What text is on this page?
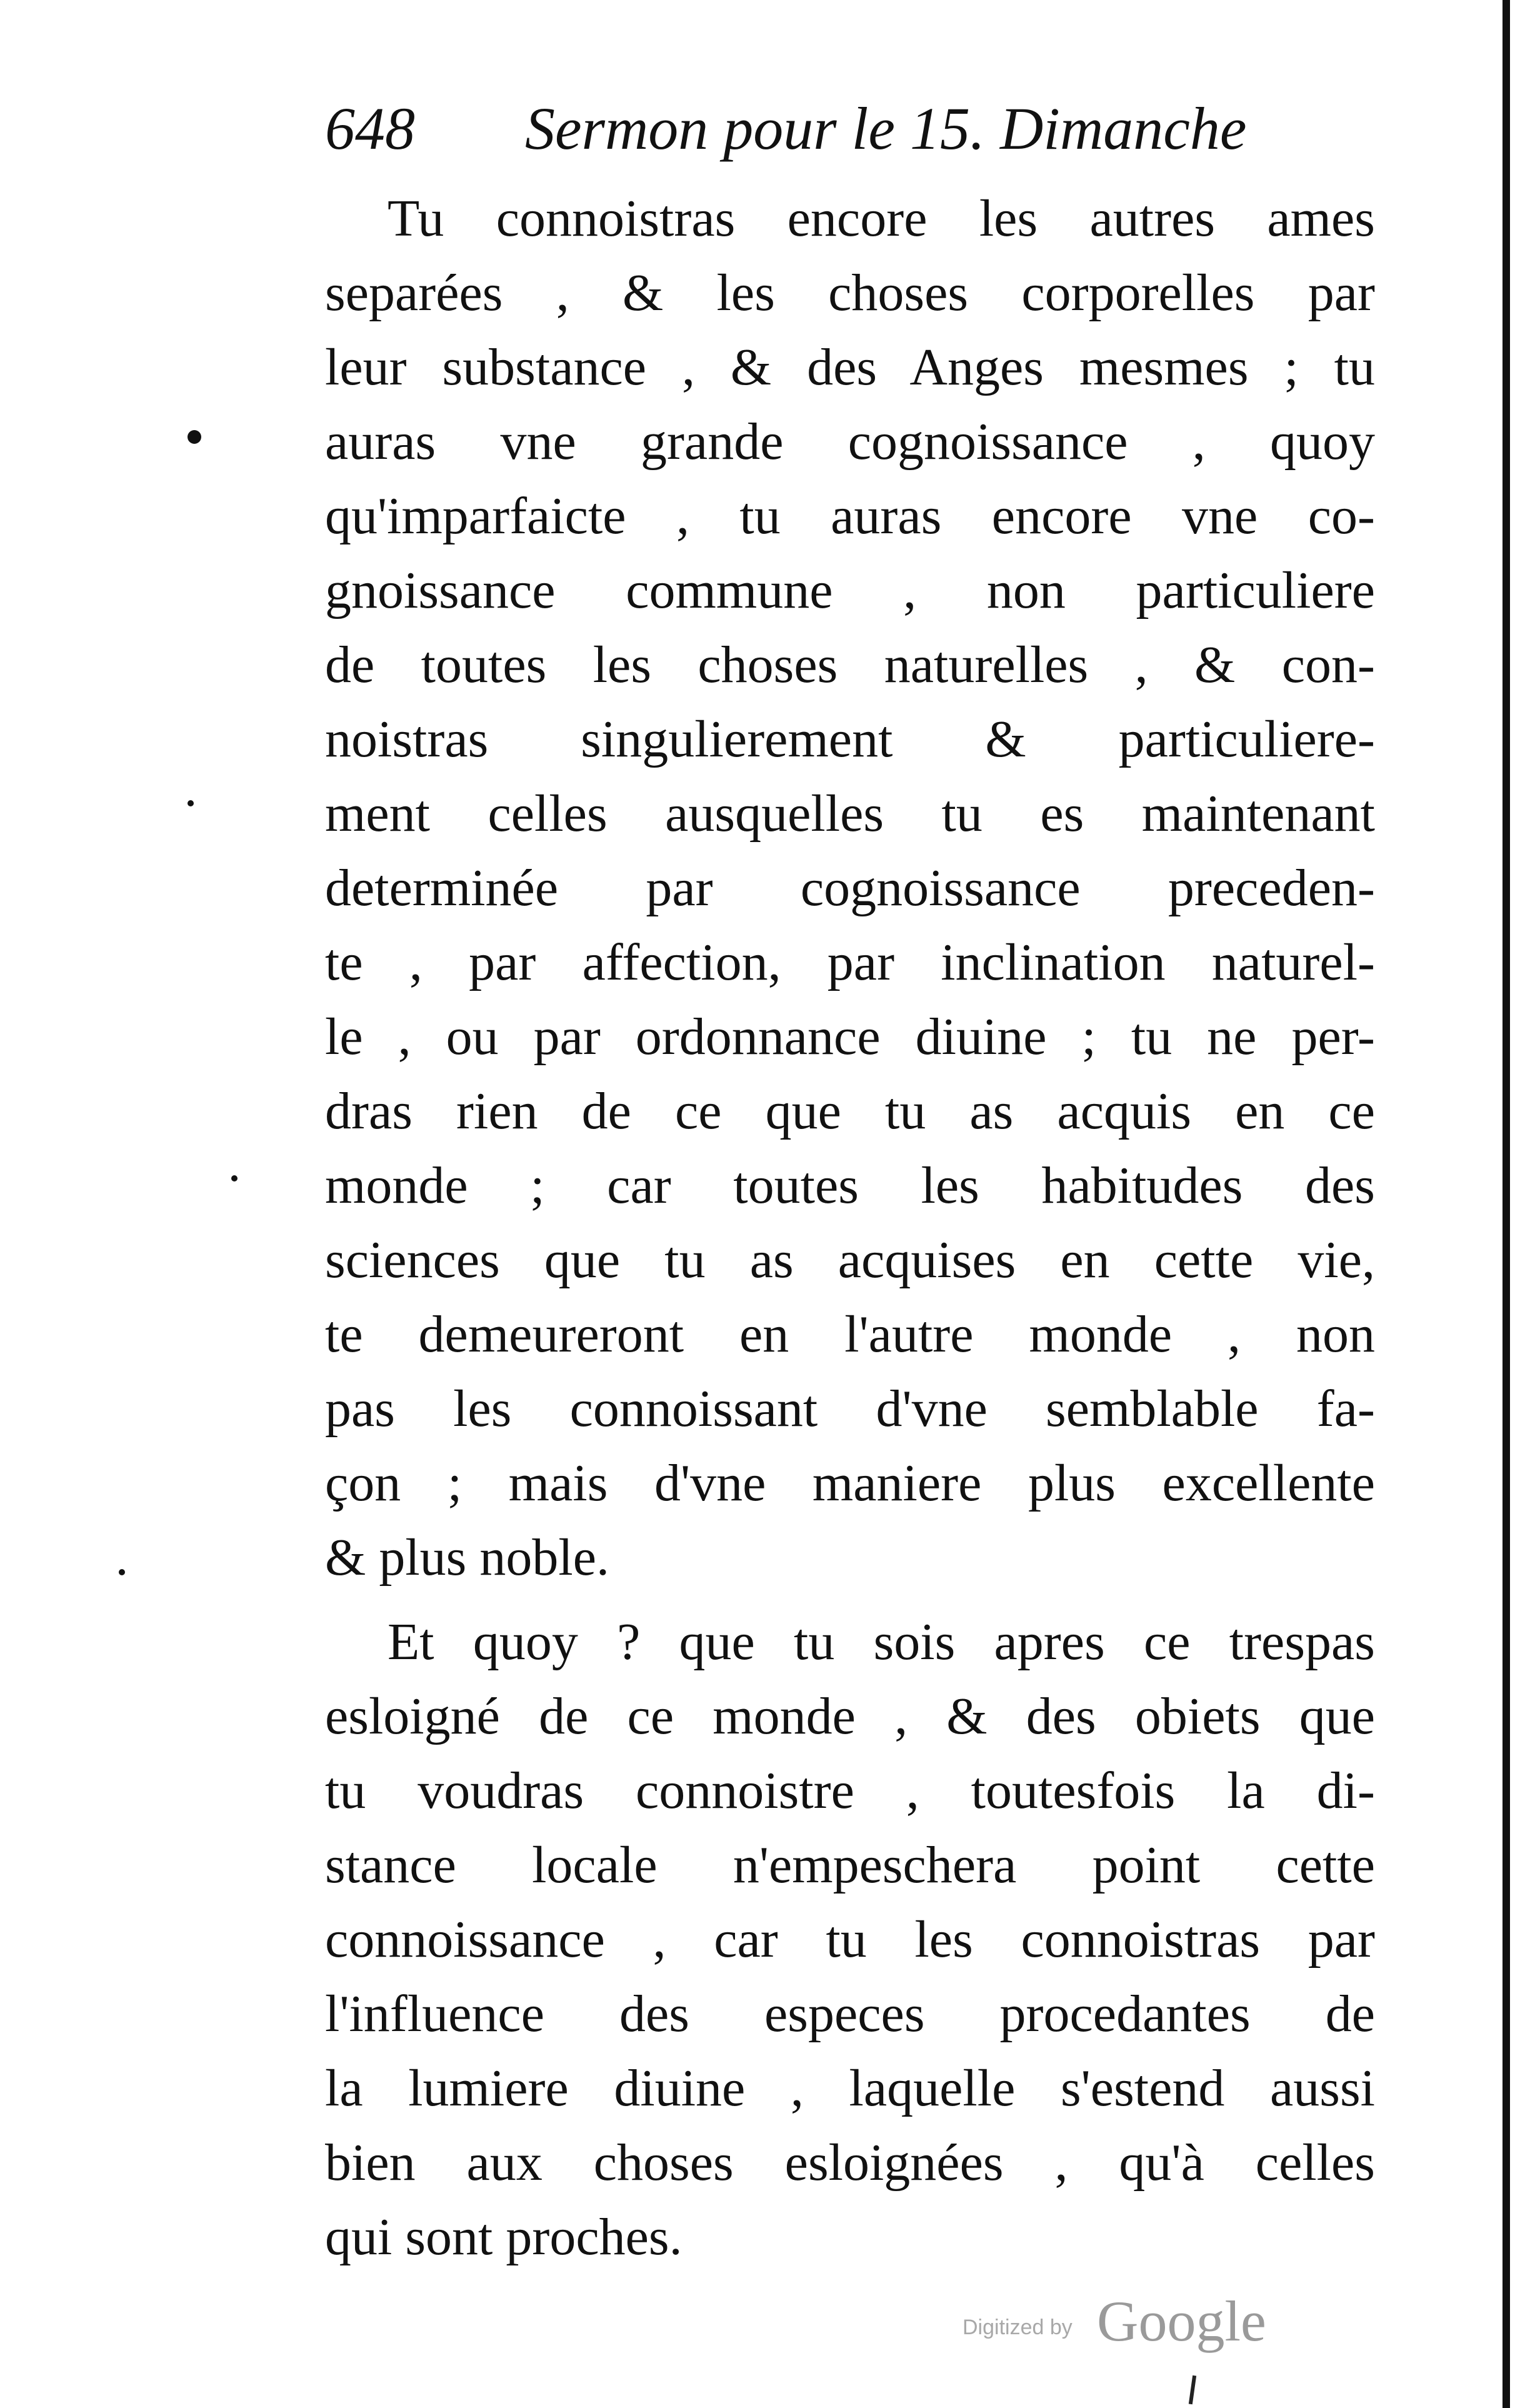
648 Sermon pour le 15. Dimanche
Tu connoistras encore les autres ames
separées , & les choses corporelles par
leur substance , & des Anges mesmes ; tu
auras vne grande cognoissance , quoy
qu'imparfaicte , tu auras encore vne co-
gnoissance commune , non particuliere
de toutes les choses naturelles , & con-
noistras singulierement & particuliere-
ment celles ausquelles tu es maintenant
determinée par cognoissance preceden-
te , par affection, par inclination naturel-
le , ou par ordonnance diuine ; tu ne per-
dras rien de ce que tu as acquis en ce
monde ; car toutes les habitudes des
sciences que tu as acquises en cette vie,
te demeureront en l'autre monde , non
pas les connoissant d'vne semblable fa-
çon ; mais d'vne maniere plus excellente
& plus noble.
Et quoy ? que tu sois apres ce trespas
esloigné de ce monde , & des obiets que
tu voudras connoistre , toutesfois la di-
stance locale n'empeschera point cette
connoissance , car tu les connoistras par
l'influence des especes procedantes de
la lumiere diuine , laquelle s'estend aussi
bien aux choses esloignées , qu'à celles
qui sont proches.
Digitized by Google
